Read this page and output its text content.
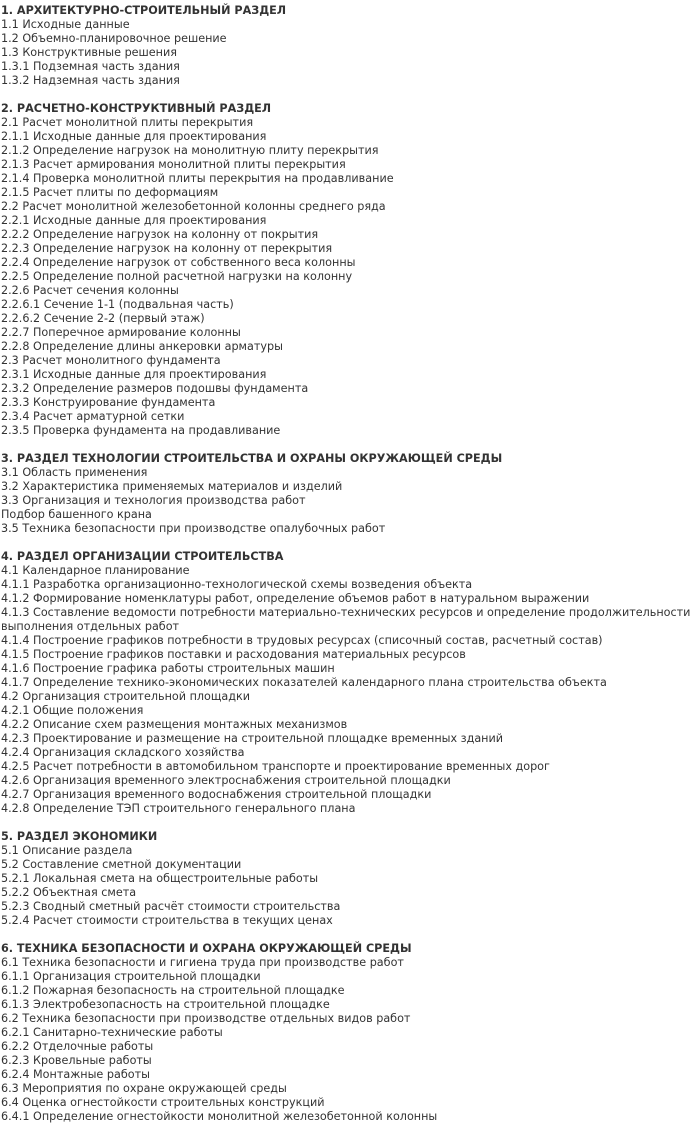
1. АРХИТЕКТУРНО-СТРОИТЕЛЬНЫЙ РАЗДЕЛ
1.1 Исходные данные
1.2 Объемно-планировочное решение
1.3 Конструктивные решения
1.3.1 Подземная часть здания
1.3.2 Надземная часть здания
2. РАСЧЕТНО-КОНСТРУКТИВНЫЙ РАЗДЕЛ
2.1 Расчет монолитной плиты перекрытия
2.1.1 Исходные данные для проектирования
2.1.2 Определение нагрузок на монолитную плиту перекрытия
2.1.3 Расчет армирования монолитной плиты перекрытия
2.1.4 Проверка монолитной плиты перекрытия на продавливание
2.1.5 Расчет плиты по деформациям
2.2 Расчет монолитной железобетонной колонны среднего ряда
2.2.1 Исходные данные для проектирования
2.2.2 Определение нагрузок на колонну от покрытия
2.2.3 Определение нагрузок на колонну от перекрытия
2.2.4 Определение нагрузок от собственного веса колонны
2.2.5 Определение полной расчетной нагрузки на колонну
2.2.6 Расчет сечения колонны
2.2.6.1 Сечение 1-1 (подвальная часть)
2.2.6.2 Сечение 2-2 (первый этаж)
2.2.7 Поперечное армирование колонны
2.2.8 Определение длины анкеровки арматуры
2.3 Расчет монолитного фундамента
2.3.1 Исходные данные для проектирования
2.3.2 Определение размеров подошвы фундамента
2.3.3 Конструирование фундамента
2.3.4 Расчет арматурной сетки
2.3.5 Проверка фундамента на продавливание
3. РАЗДЕЛ ТЕХНОЛОГИИ СТРОИТЕЛЬСТВА И ОХРАНЫ ОКРУЖАЮЩЕЙ СРЕДЫ
3.1 Область применения
3.2 Характеристика применяемых материалов и изделий
3.3 Организация и технология производства работ
Подбор башенного крана
3.5 Техника безопасности при производстве опалубочных работ
4. РАЗДЕЛ ОРГАНИЗАЦИИ СТРОИТЕЛЬСТВА
4.1 Календарное планирование
4.1.1 Разработка организационно-технологической схемы возведения объекта
4.1.2 Формирование номенклатуры работ, определение объемов работ в натуральном выражении
4.1.3 Составление ведомости потребности материально-технических ресурсов и определение продолжительности выполнения отдельных работ
4.1.4 Построение графиков потребности в трудовых ресурсах (списочный состав, расчетный состав)
4.1.5 Построение графиков поставки и расходования материальных ресурсов
4.1.6 Построение графика работы строительных машин
4.1.7 Определение технико-экономических показателей календарного плана строительства объекта
4.2 Организация строительной площадки
4.2.1 Общие положения
4.2.2 Описание схем размещения монтажных механизмов
4.2.3 Проектирование и размещение на строительной площадке временных зданий
4.2.4 Организация складского хозяйства
4.2.5 Расчет потребности в автомобильном транспорте и проектирование временных дорог
4.2.6 Организация временного электроснабжения строительной площадки
4.2.7 Организация временного водоснабжения строительной площадки
4.2.8 Определение ТЭП строительного генерального плана
5. РАЗДЕЛ ЭКОНОМИКИ
5.1 Описание раздела
5.2 Составление сметной документации
5.2.1 Локальная смета на общестроительные работы
5.2.2 Объектная смета
5.2.3 Сводный сметный расчёт стоимости строительства
5.2.4 Расчет стоимости строительства в текущих ценах
6. ТЕХНИКА БЕЗОПАСНОСТИ И ОХРАНА ОКРУЖАЮЩЕЙ СРЕДЫ
6.1 Техника безопасности и гигиена труда при производстве работ
6.1.1 Организация строительной площадки
6.1.2 Пожарная безопасность на строительной площадке
6.1.3 Электробезопасность на строительной площадке
6.2 Техника безопасности при производстве отдельных видов работ
6.2.1 Санитарно-технические работы
6.2.2 Отделочные работы
6.2.3 Кровельные работы
6.2.4 Монтажные работы
6.3 Мероприятия по охране окружающей среды
6.4 Оценка огнестойкости строительных конструкций
6.4.1 Определение огнестойкости монолитной железобетонной колонны
